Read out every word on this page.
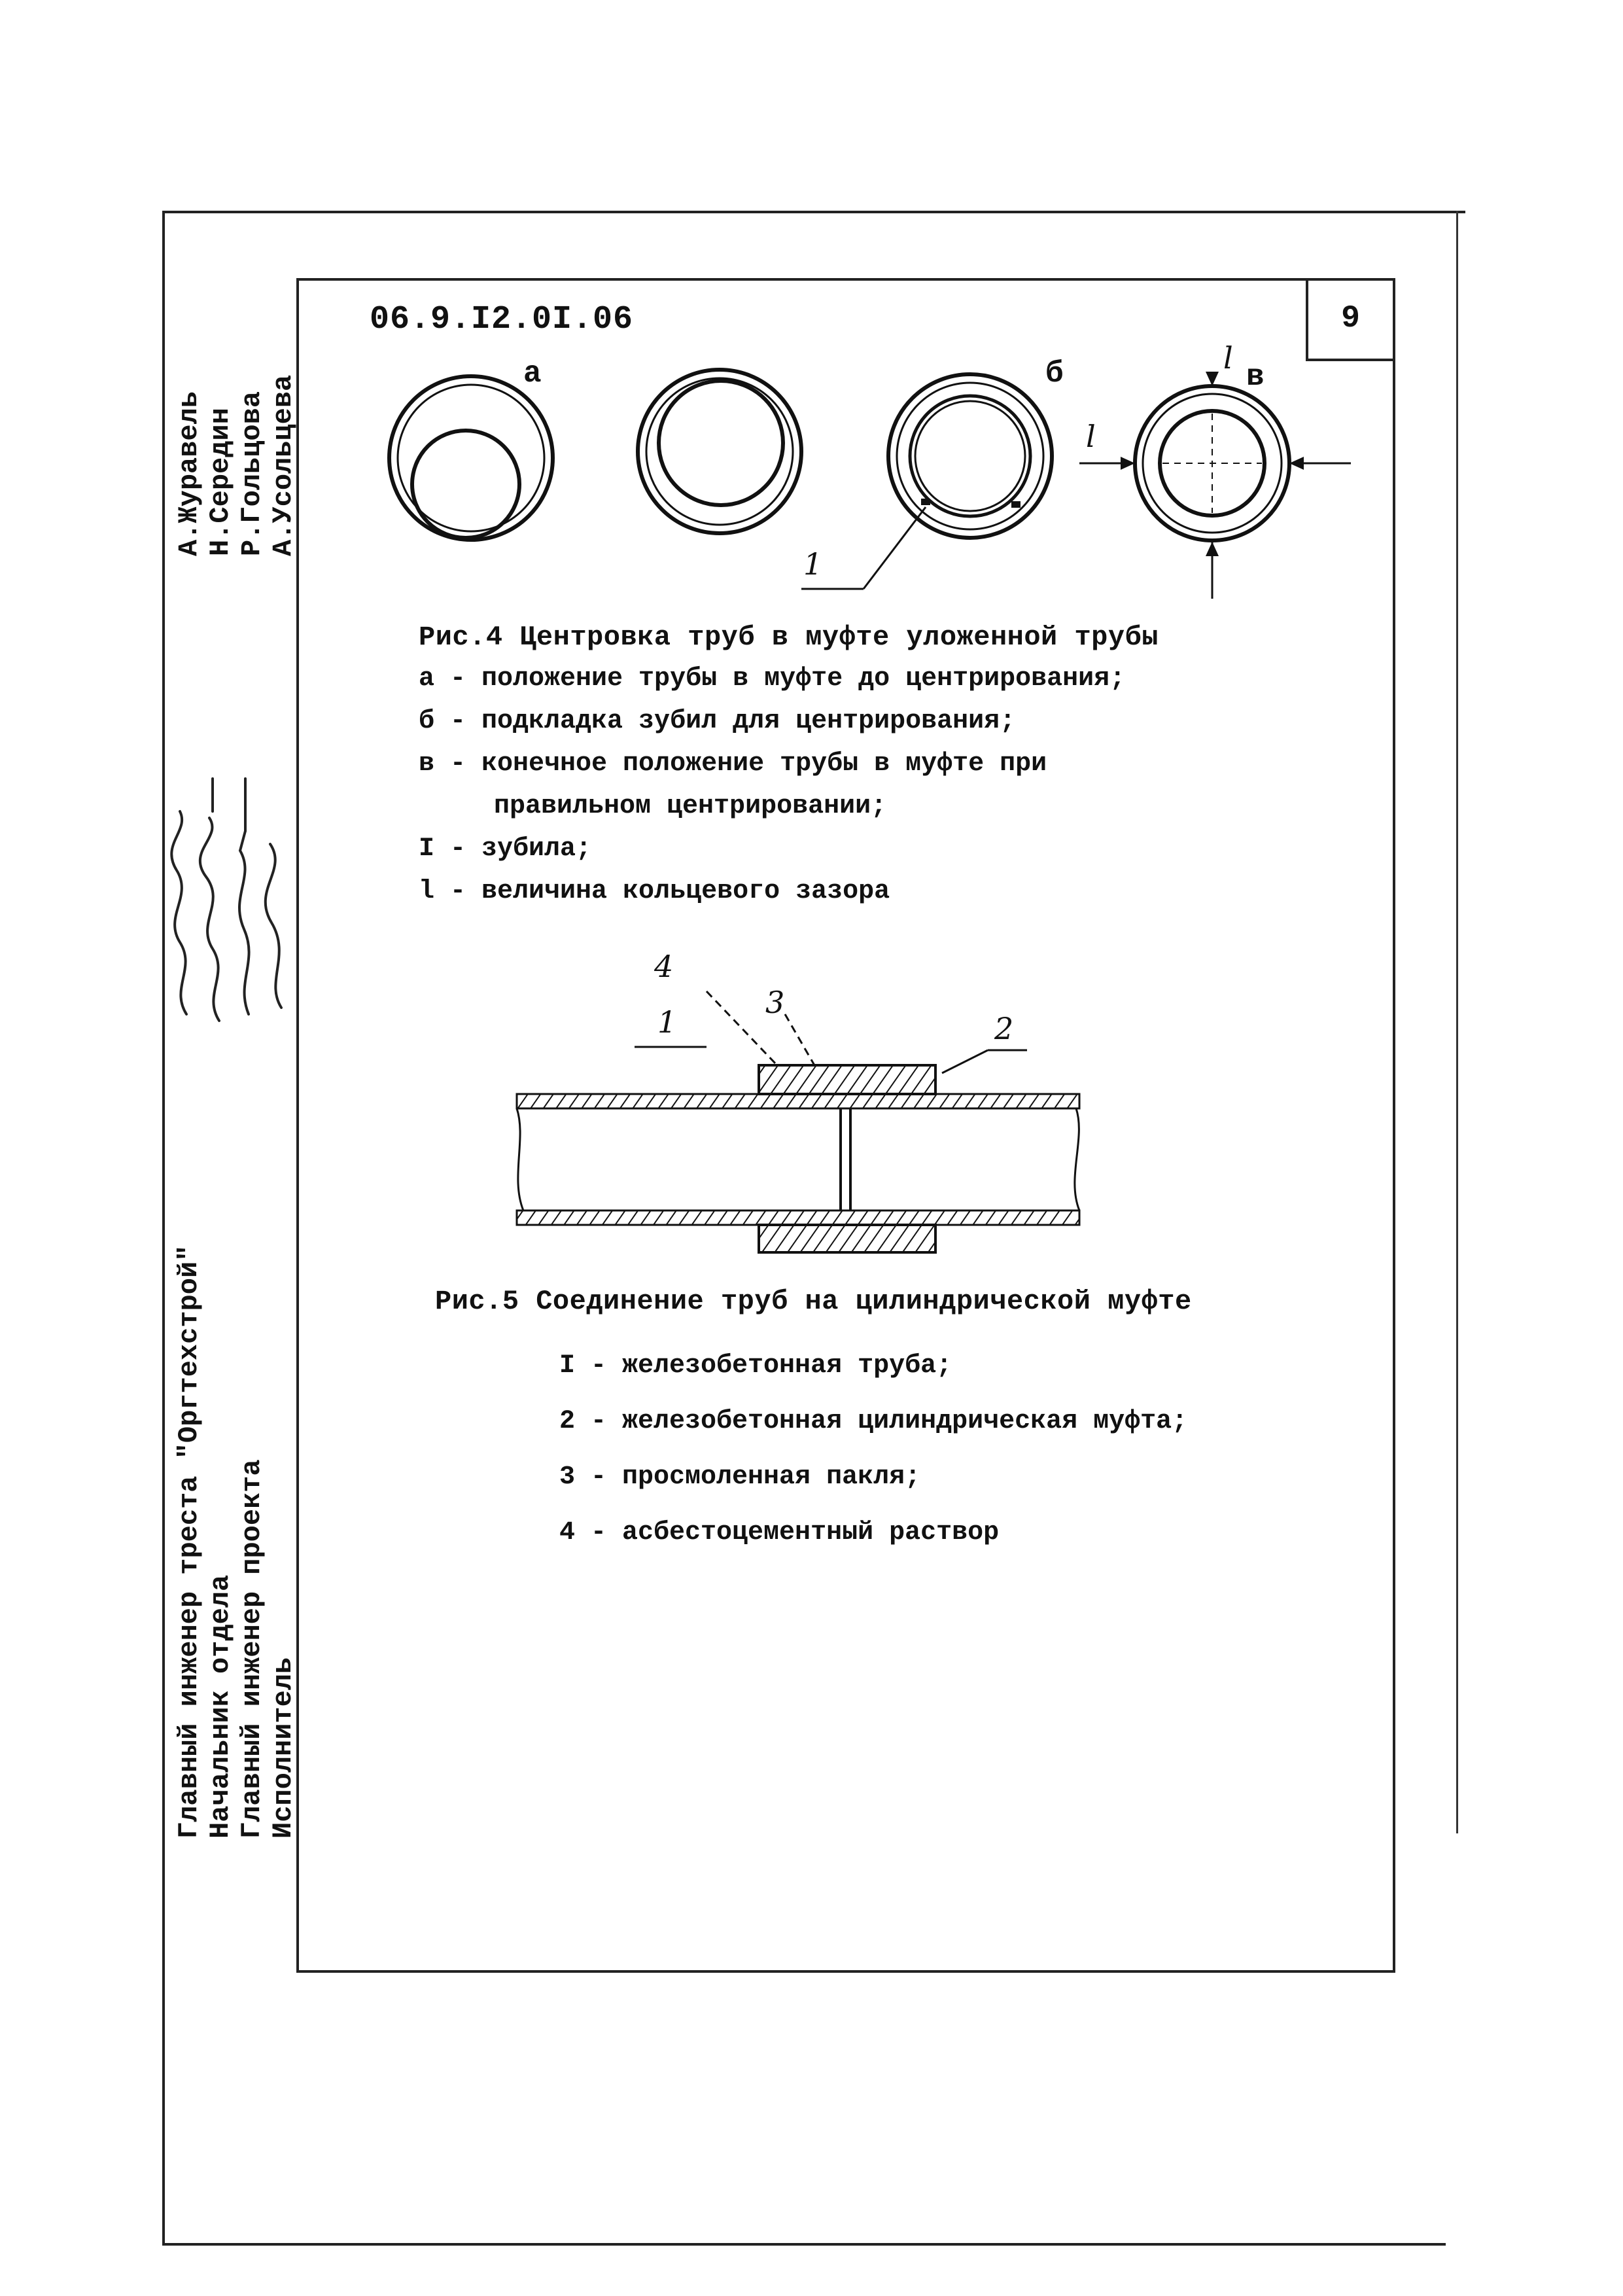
9
06.9.I2.0I.06
а	б	в
1
l
l
Рис.4 Центровка труб в муфте уложенной трубы
а - положение трубы в муфте до центрирования;
б - подкладка зубил для центрирования;
в - конечное положение трубы в муфте при
правильном центрировании;
I - зубила;
l - величина кольцевого зазора
4
3
1	2
Рис.5 Соединение труб на цилиндрической муфте
I - железобетонная труба;
2 - железобетонная цилиндрическая муфта;
3 - просмоленная пакля;
4 - асбестоцементный раствор
Главный инженер треста "Оргтехстрой" Начальник отдела Главный инженер проекта Исполнитель
А.Журавель Н.Середин Р.Гольцова А.Усольцева
